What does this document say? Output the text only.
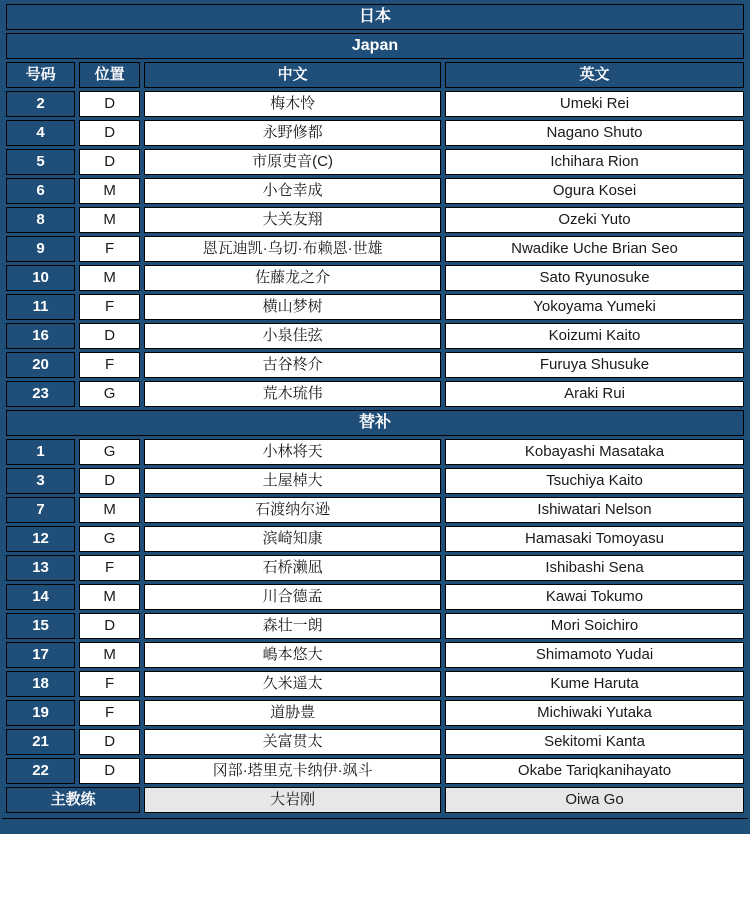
日本			
Japan			
号码	位置	中文	英文
2	D	梅木怜	Umeki Rei
4	D	永野修都	Nagano Shuto
5	D	市原吏音(C)	Ichihara Rion
6	M	小仓幸成	Ogura Kosei
8	M	大关友翔	Ozeki Yuto
9	F	恩瓦迪凯·乌切·布赖恩·世雄	Nwadike Uche Brian Seo
10	M	佐藤龙之介	Sato Ryunosuke
11	F	横山梦树	Yokoyama Yumeki
16	D	小泉佳弦	Koizumi Kaito
20	F	古谷柊介	Furuya Shusuke
23	G	荒木琉伟	Araki Rui
替补			
1	G	小林将天	Kobayashi Masataka
3	D	土屋棹大	Tsuchiya Kaito
7	M	石渡纳尔逊	Ishiwatari Nelson
12	G	滨崎知康	Hamasaki Tomoyasu
13	F	石桥濑凪	Ishibashi Sena
14	M	川合德孟	Kawai Tokumo
15	D	森壮一朗	Mori Soichiro
17	M	嶋本悠大	Shimamoto Yudai
18	F	久米遥太	Kume Haruta
19	F	道胁豊	Michiwaki Yutaka
21	D	关富贯太	Sekitomi Kanta
22	D	冈部·塔里克卡纳伊·飒斗	Okabe Tariqkanihayato
主教练		大岩刚	Oiwa Go
